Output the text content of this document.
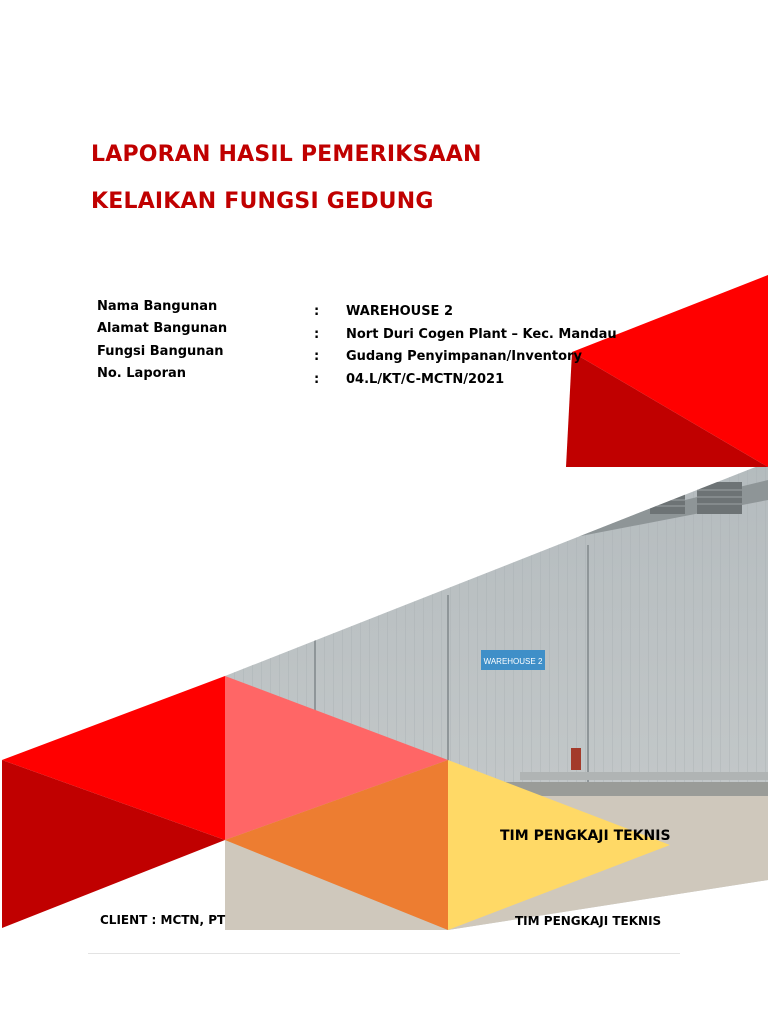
LAPORAN HASIL PEMERIKSAAN
KELAIKAN FUNGSI GEDUNG
WAREHOUSE 2
Nama Bangunan	: WAREHOUSE 2
Alamat Bangunan	: Nort Duri Cogen Plant – Kec. Mandau
Fungsi Bangunan	: Gudang Penyimpanan/Inventory
No. Laporan	: 04.L/KT/C-MCTN/2021
TIM PENGKAJI TEKNIS
CLIENT : MCTN, PT	TIM PENGKAJI TEKNIS
